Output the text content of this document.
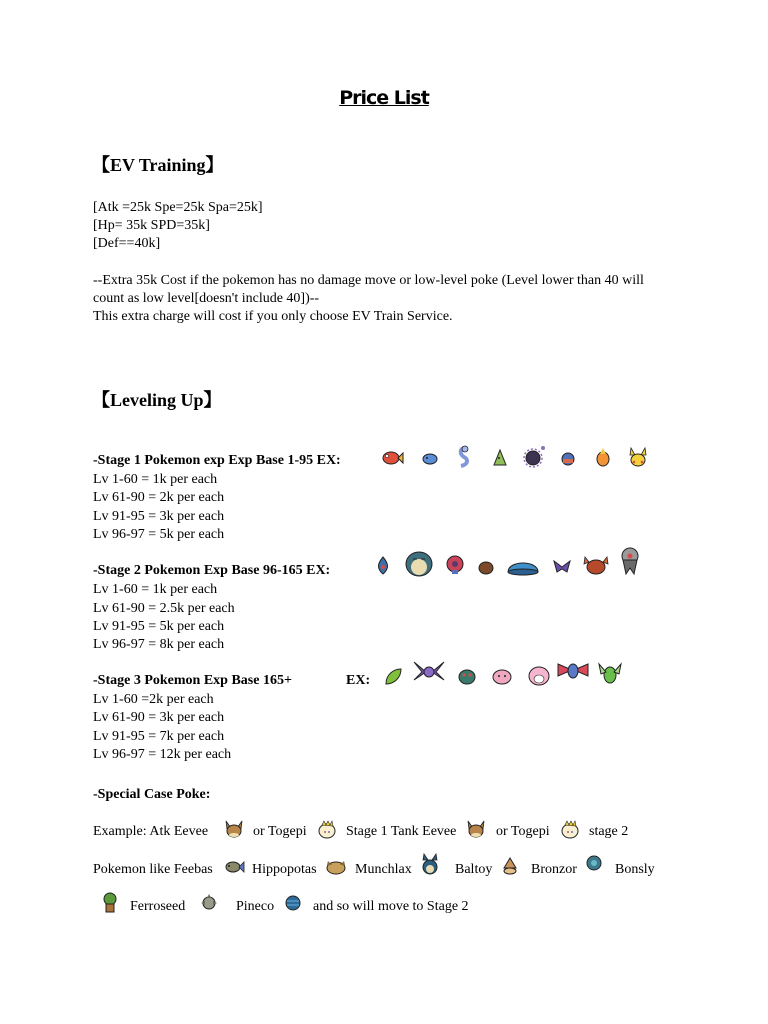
Price List
【EV Training】
[Atk =25k Spe=25k Spa=25k]
[Hp= 35k SPD=35k]
[Def==40k]
--Extra 35k Cost if the pokemon has no damage move or low-level poke (Level lower than 40 will
count as low level[doesn't include 40])--
This extra charge will cost if you only choose EV Train Service.
【Leveling Up】
-Stage 1 Pokemon exp Exp Base 1-95 EX:
Lv 1-60 = 1k per each
Lv 61-90 = 2k per each
Lv 91-95 = 3k per each
Lv 96-97 = 5k per each
-Stage 2 Pokemon Exp Base 96-165 EX:
Lv 1-60 = 1k per each
Lv 61-90 = 2.5k per each
Lv 91-95 = 5k per each
Lv 96-97 = 8k per each
-Stage 3 Pokemon Exp Base 165+	EX:
Lv 1-60 =2k per each
Lv 61-90 = 3k per each
Lv 91-95 = 7k per each
Lv 96-97 = 12k per each
-Special Case Poke:
Example: Atk Eevee	or Togepi	Stage 1 Tank Eevee	or Togepi	stage 2
Pokemon like Feebas	Hippopotas	Munchlax	Baltoy	Bronzor	Bonsly
Ferroseed	Pineco	and so will move to Stage 2
